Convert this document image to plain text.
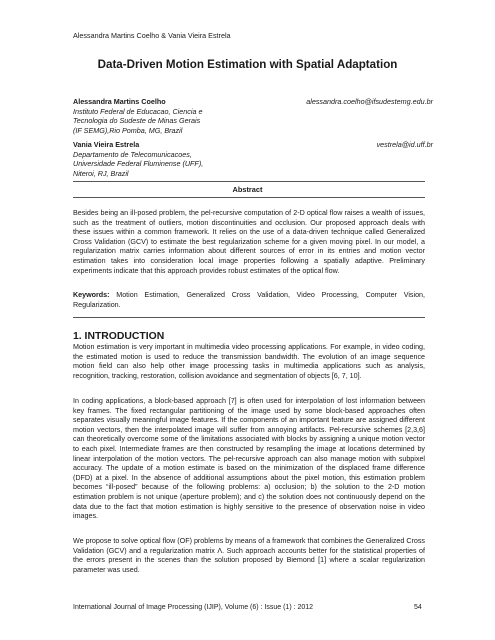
Alessandra Martins Coelho & Vania Vieira Estrela
Data-Driven Motion Estimation with Spatial Adaptation
Alessandra Martins Coelho	alessandra.coelho@ifsudestemg.edu.br
Instituto Federal de Educacao, Ciencia e
Tecnologia do Sudeste de Minas Gerais
(IF SEMG),Rio Pomba, MG, Brazil
Vania Vieira Estrela	vestrela@id.uff.br
Departamento de Telecomunicacoes,
Universidade Federal Fluminense (UFF),
Niteroi, RJ, Brazil
Abstract

Besides being an ill-posed problem, the pel-recursive computation of 2-D optical flow raises a wealth of issues, such as the treatment of outliers, motion discontinuities and occlusion. Our proposed approach deals with these issues within a common framework. It relies on the use of a data-driven technique called Generalized Cross Validation (GCV) to estimate the best regularization scheme for a given moving pixel. In our model, a regularization matrix carries information about different sources of error in its entries and motion vector estimation takes into consideration local image properties following a spatially adaptive. Preliminary experiments indicate that this approach provides robust estimates of the optical flow.

Keywords: Motion Estimation, Generalized Cross Validation, Video Processing, Computer Vision, Regularization.

1. INTRODUCTION

Motion estimation is very important in multimedia video processing applications. For example, in video coding, the estimated motion is used to reduce the transmission bandwidth. The evolution of an image sequence motion field can also help other image processing tasks in multimedia applications such as analysis, recognition, tracking, restoration, collision avoidance and segmentation of objects [6, 7, 10].

In coding applications, a block-based approach [7] is often used for interpolation of lost information between key frames. The fixed rectangular partitioning of the image used by some block-based approaches often separates visually meaningful image features. If the components of an important feature are assigned different motion vectors, then the interpolated image will suffer from annoying artifacts. Pel-recursive schemes [2,3,6] can theoretically overcome some of the limitations associated with blocks by assigning a unique motion vector to each pixel. Intermediate frames are then constructed by resampling the image at locations determined by linear interpolation of the motion vectors. The pel-recursive approach can also manage motion with subpixel accuracy. The update of a motion estimate is based on the minimization of the displaced frame difference (DFD) at a pixel. In the absence of additional assumptions about the pixel motion, this estimation problem becomes “ill-posed” because of the following problems: a) occlusion; b) the solution to the 2-D motion estimation problem is not unique (aperture problem); and c) the solution does not continuously depend on the data due to the fact that motion estimation is highly sensitive to the presence of observation noise in video images.

We propose to solve optical flow (OF) problems by means of a framework that combines the Generalized Cross Validation (GCV) and a regularization matrix Λ. Such approach accounts better for the statistical properties of the errors present in the scenes than the solution proposed by Biemond [1] where a scalar regularization parameter was used.

International Journal of Image Processing (IJIP), Volume (6) : Issue (1) : 2012	54
